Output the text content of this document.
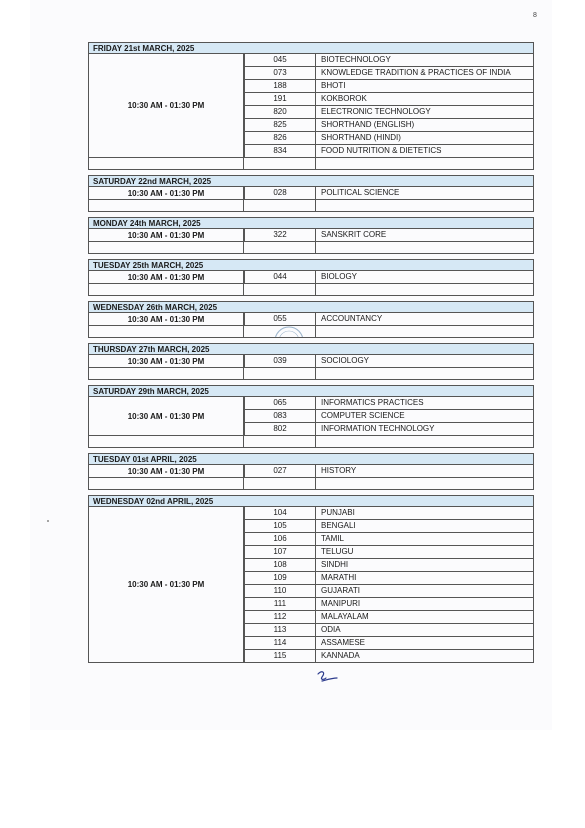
8
FRIDAY 21st MARCH, 2025
10:30 AM - 01:30 PM
045	BIOTECHNOLOGY
073	KNOWLEDGE TRADITION & PRACTICES OF INDIA
188	BHOTI
191	KOKBOROK
820	ELECTRONIC TECHNOLOGY
825	SHORTHAND (ENGLISH)
826	SHORTHAND (HINDI)
834	FOOD NUTRITION & DIETETICS
SATURDAY 22nd MARCH, 2025
10:30 AM - 01:30 PM	028	POLITICAL SCIENCE
MONDAY 24th MARCH, 2025
10:30 AM - 01:30 PM	322	SANSKRIT CORE
TUESDAY 25th MARCH, 2025
10:30 AM - 01:30 PM	044	BIOLOGY
WEDNESDAY 26th MARCH, 2025
10:30 AM - 01:30 PM	055	ACCOUNTANCY
THURSDAY 27th MARCH, 2025
10:30 AM - 01:30 PM	039	SOCIOLOGY
SATURDAY 29th MARCH, 2025
10:30 AM - 01:30 PM
065	INFORMATICS PRACTICES
083	COMPUTER SCIENCE
802	INFORMATION TECHNOLOGY
TUESDAY 01st APRIL, 2025
10:30 AM - 01:30 PM	027	HISTORY
WEDNESDAY 02nd APRIL, 2025
10:30 AM - 01:30 PM
104	PUNJABI
105	BENGALI
106	TAMIL
107	TELUGU
108	SINDHI
109	MARATHI
110	GUJARATI
111	MANIPURI
112	MALAYALAM
113	ODIA
114	ASSAMESE
115	KANNADA
